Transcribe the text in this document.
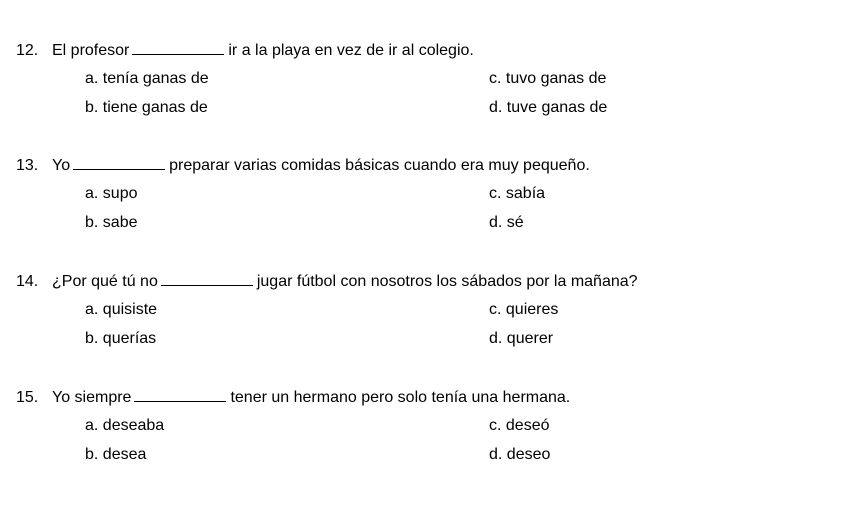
12. El profesor	ir a la playa en vez de ir al colegio.
a. tenía ganas de
b. tiene ganas de
c. tuvo ganas de
d. tuve ganas de
13. Yo	preparar varias comidas básicas cuando era muy pequeño.
a. supo
b. sabe
c. sabía
d. sé
14. ¿Por qué tú no	jugar fútbol con nosotros los sábados por la mañana?
a. quisiste
b. querías
c. quieres
d. querer
15. Yo siempre	tener un hermano pero solo tenía una hermana.
a. deseaba
b. desea
c. deseó
d. deseo
